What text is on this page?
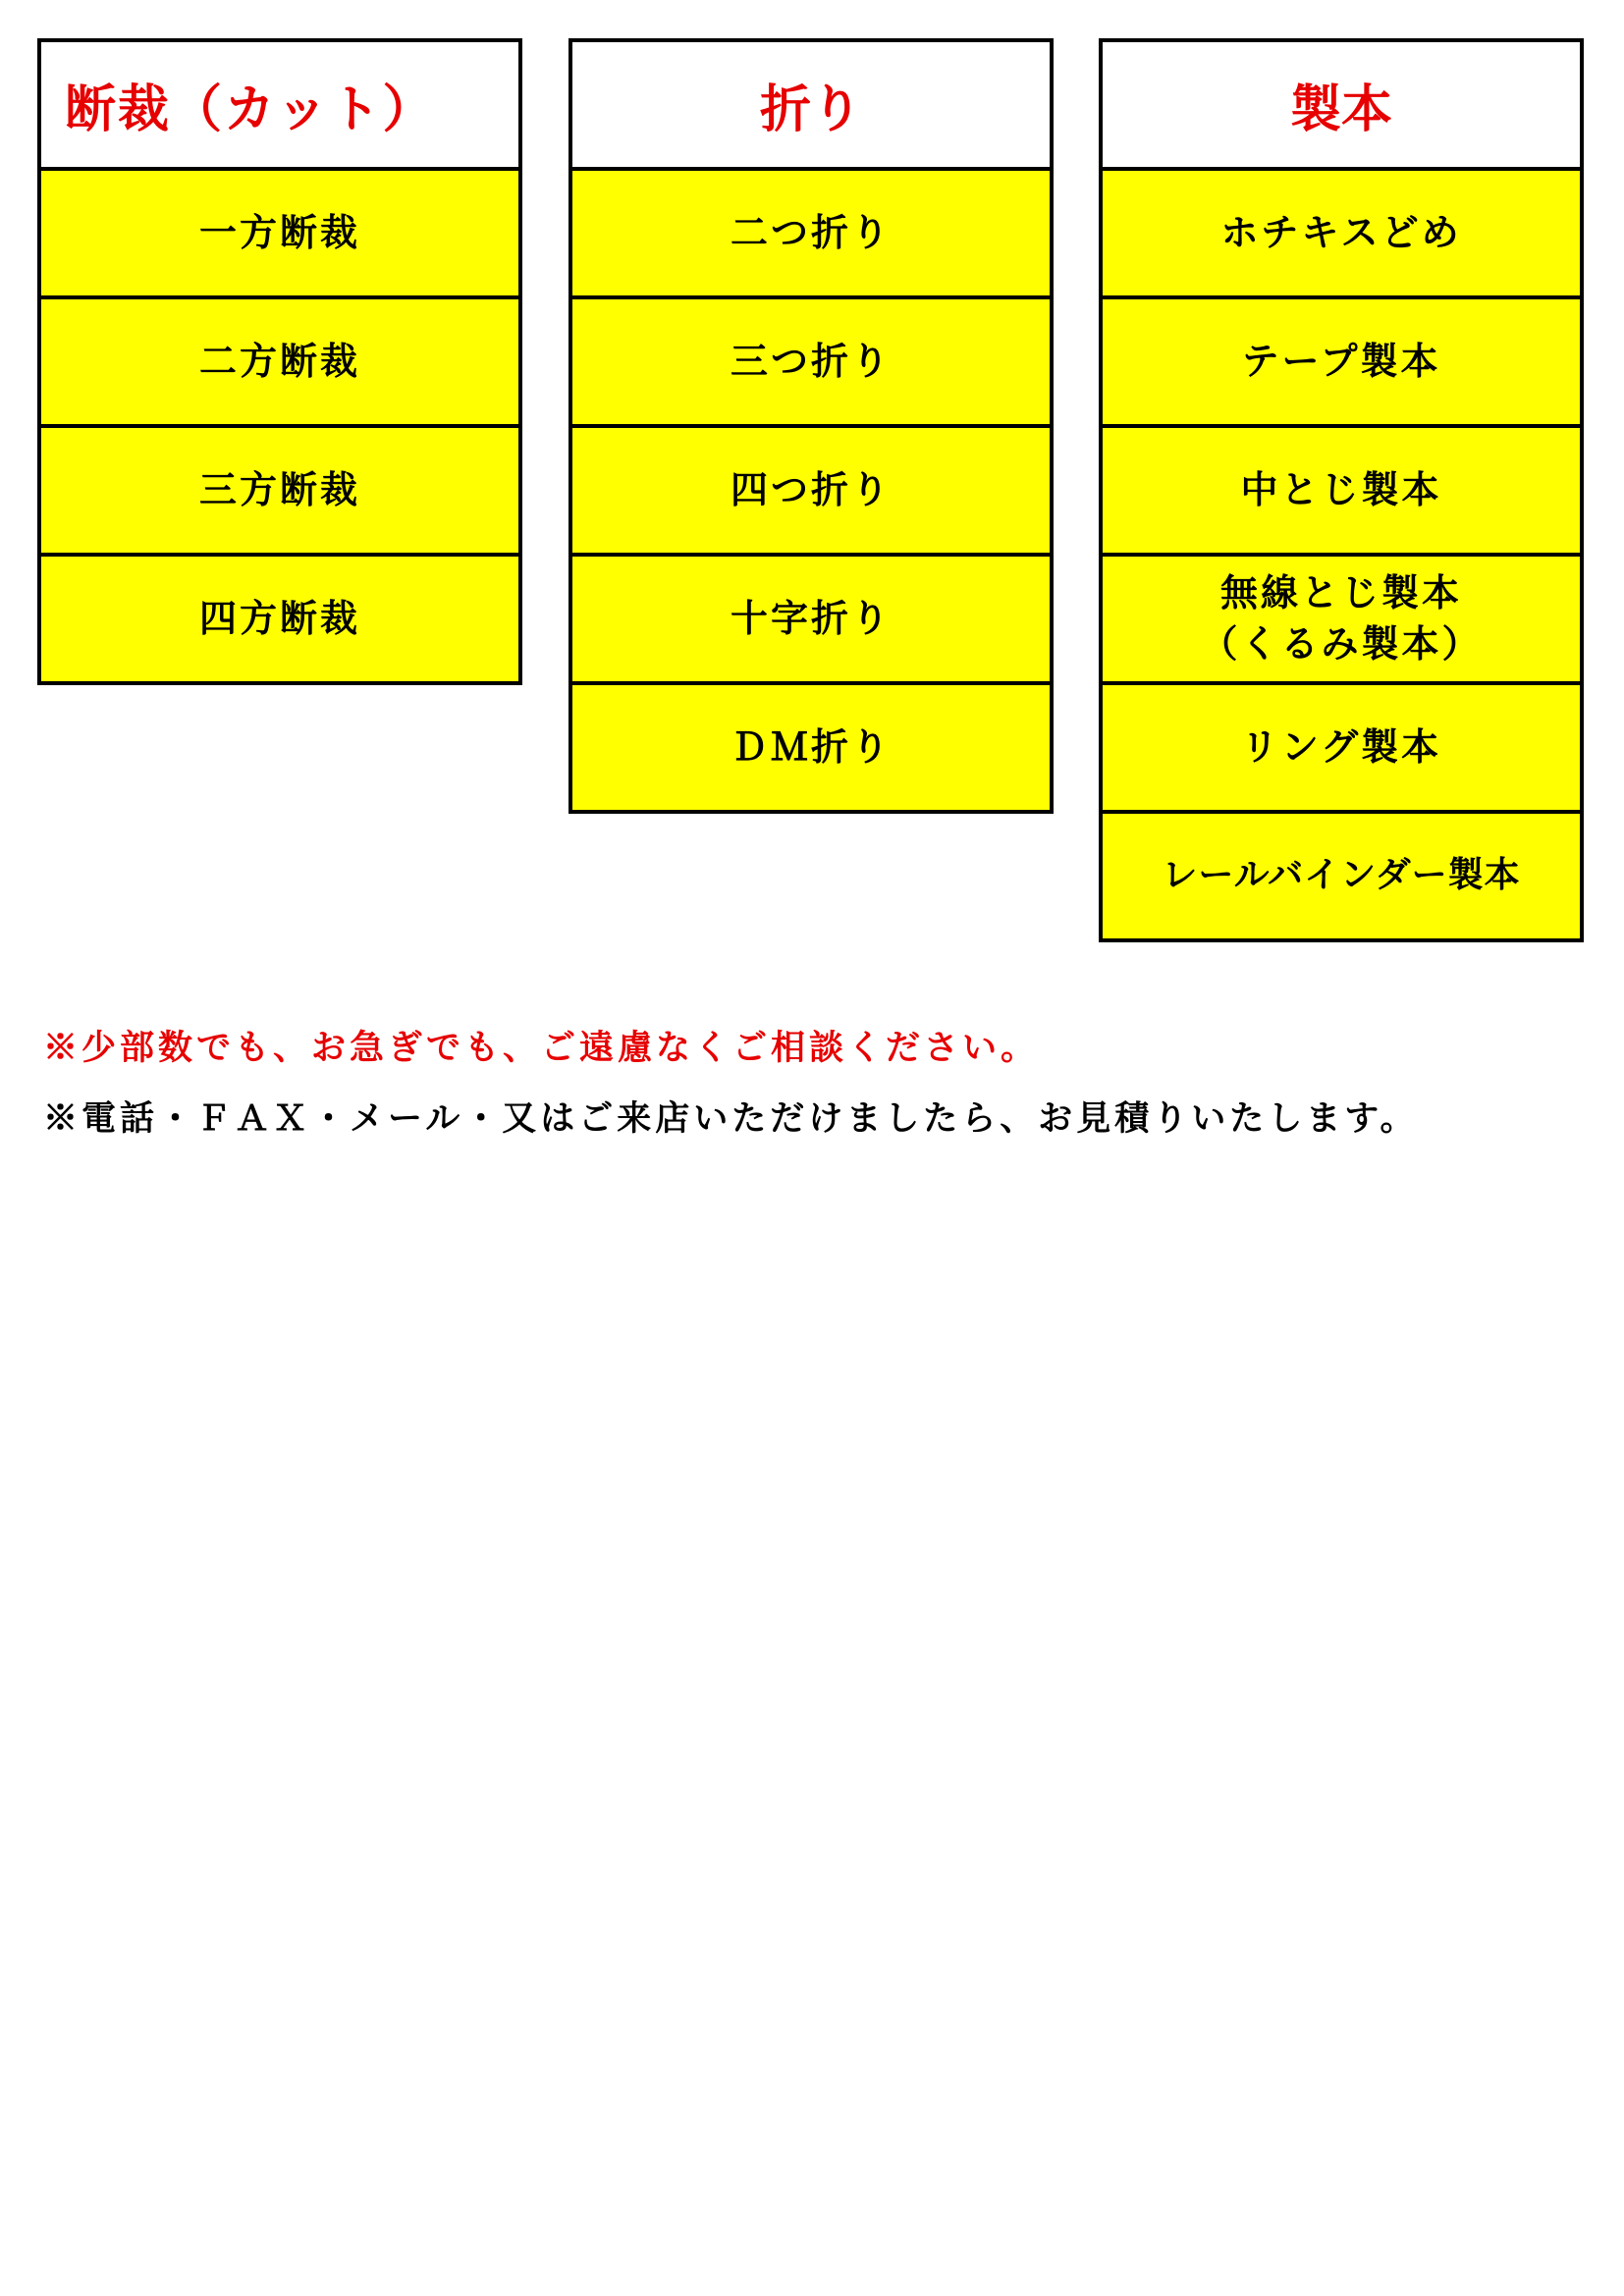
断裁（カット）
一方断裁
二方断裁
三方断裁
四方断裁
折り
二つ折り
三つ折り
四つ折り
十字折り
ＤＭ折り
製本
ホチキスどめ
テープ製本
中とじ製本
無線とじ製本
（くるみ製本）
リング製本
レールバインダー製本
※少部数でも、お急ぎでも、ご遠慮なくご相談ください。
※電話・ＦＡＸ・メール・又はご来店いただけましたら、お見積りいたします。
